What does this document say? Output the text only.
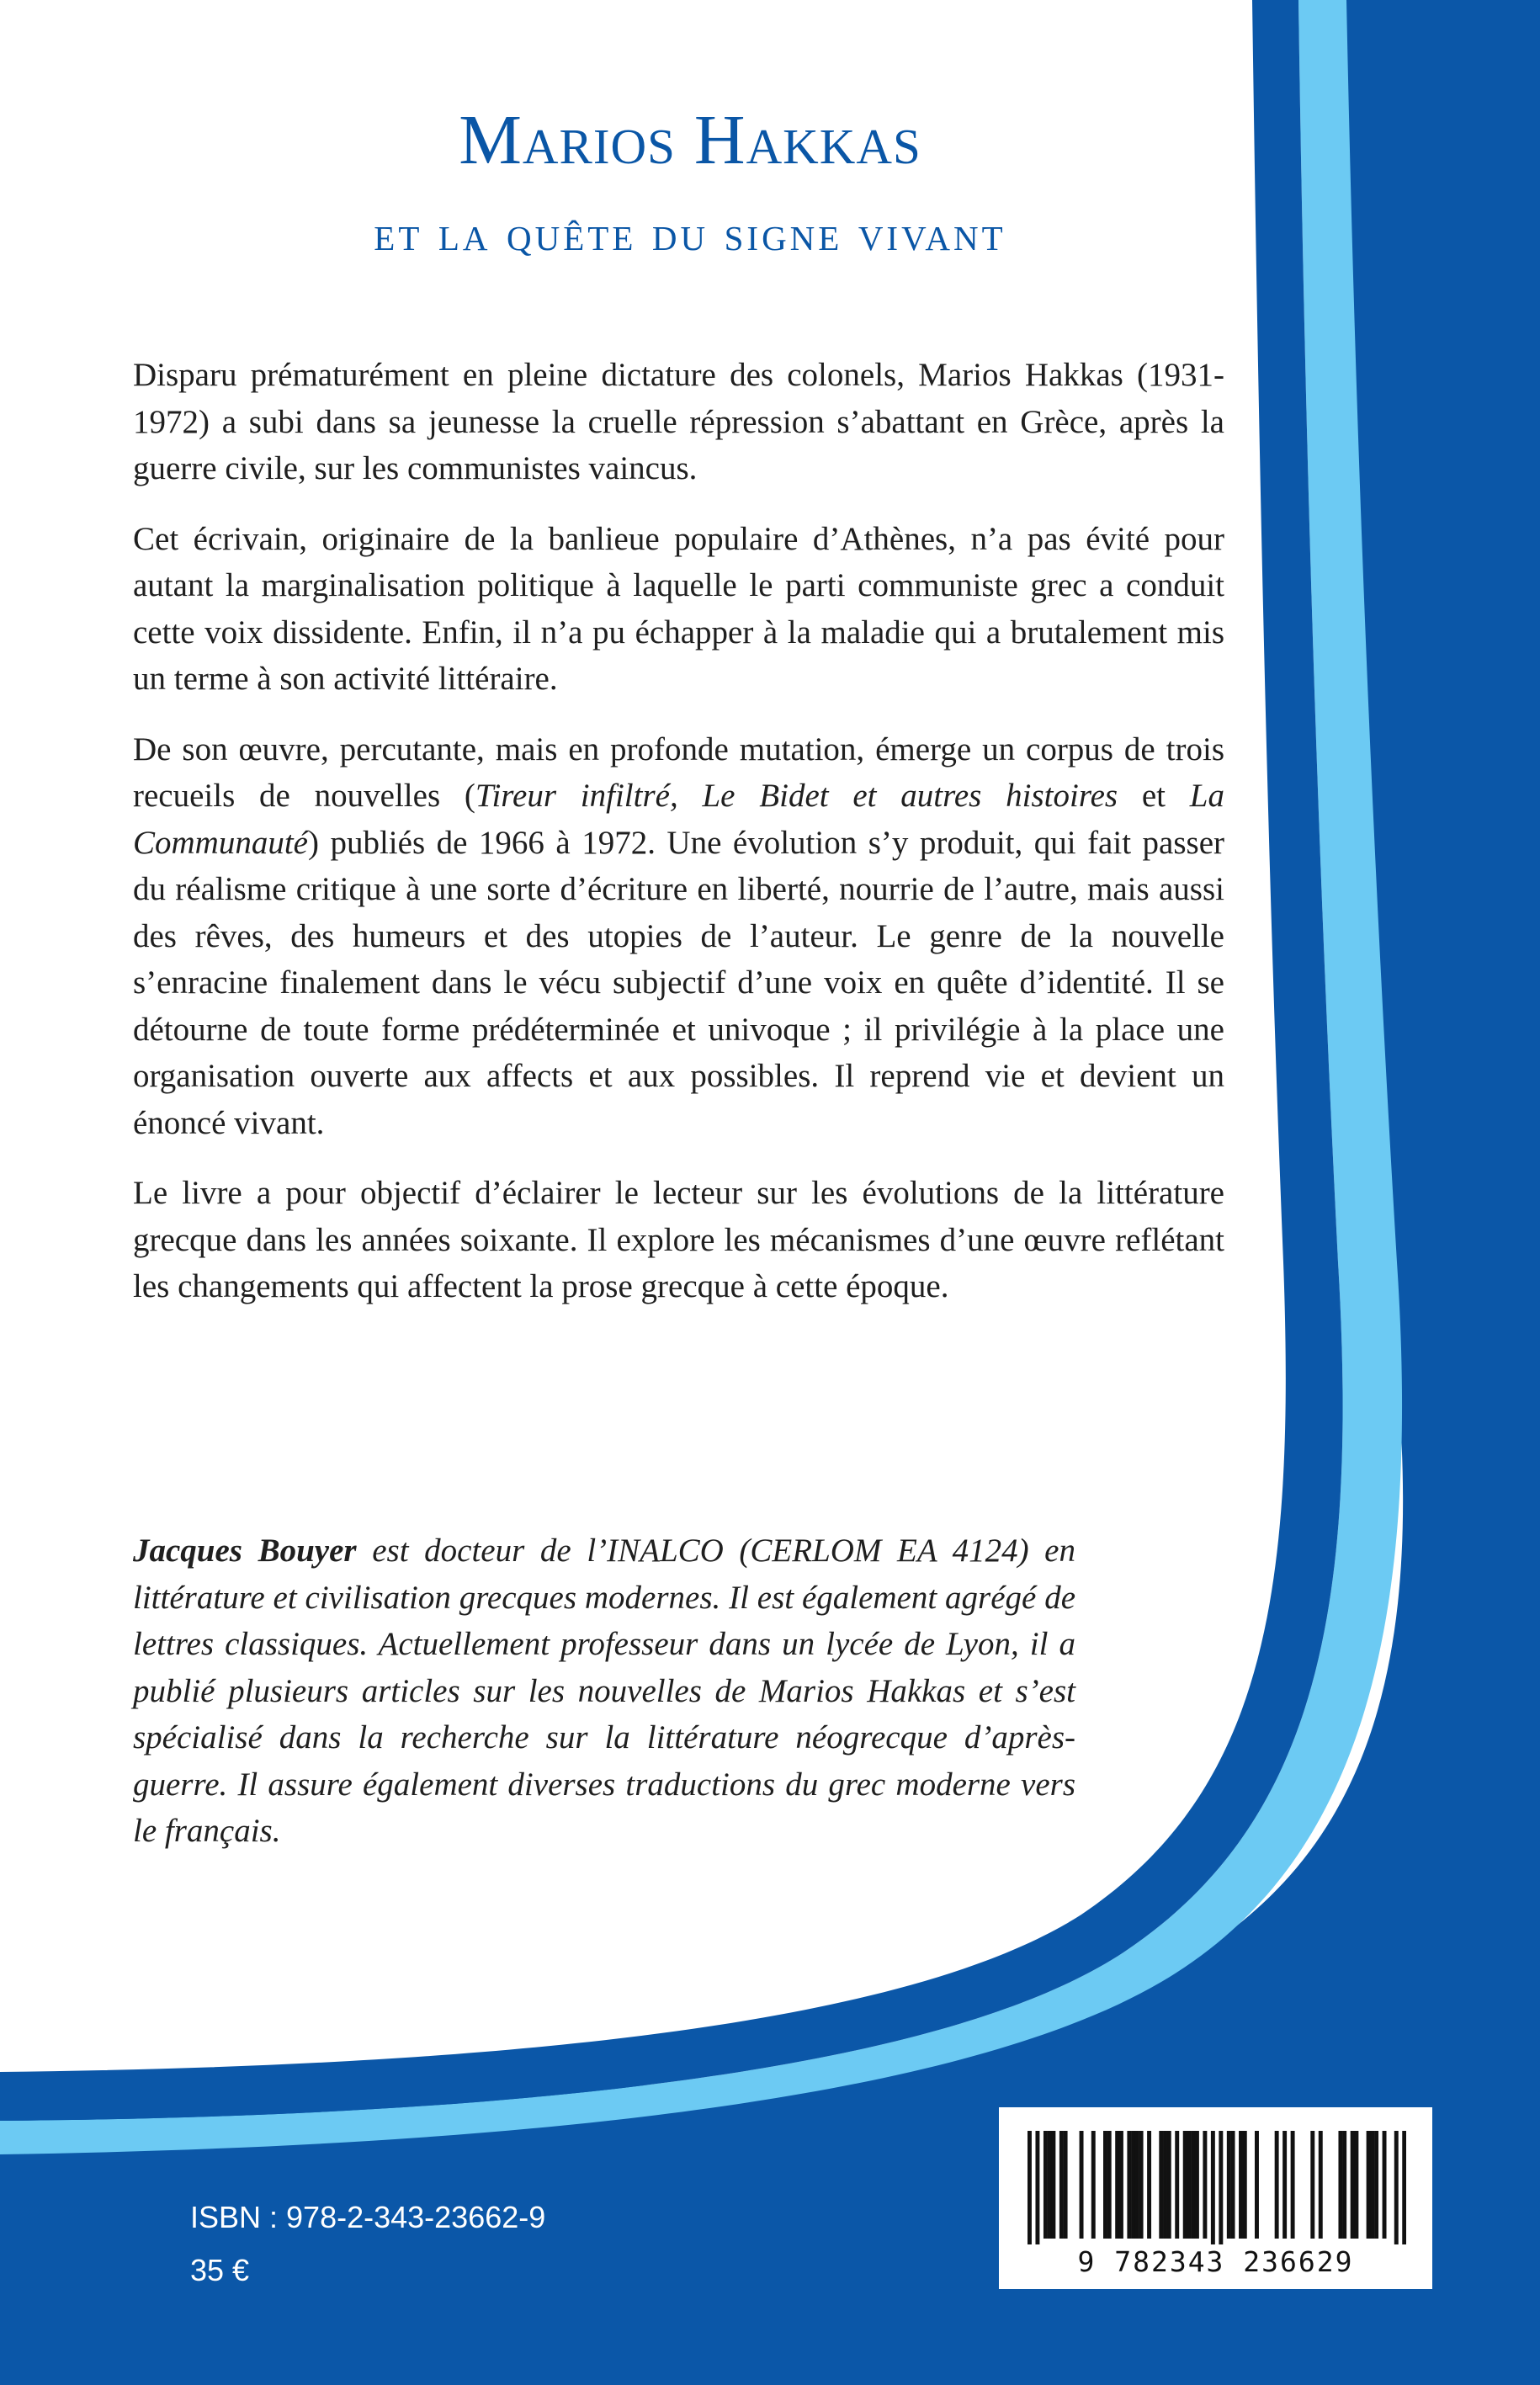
Marios Hakkas
et la quête du signe vivant

Disparu prématurément en pleine dictature des colonels, Marios Hakkas (1931-1972) a subi dans sa jeunesse la cruelle répression s’abattant en Grèce, après la guerre civile, sur les communistes vaincus.

Cet écrivain, originaire de la banlieue populaire d’Athènes, n’a pas évité pour autant la marginalisation politique à laquelle le parti communiste grec a conduit cette voix dissidente. Enfin, il n’a pu échapper à la maladie qui a brutalement mis un terme à son activité littéraire.

De son œuvre, percutante, mais en profonde mutation, émerge un corpus de trois recueils de nouvelles (Tireur infiltré, Le Bidet et autres histoires et La Communauté) publiés de 1966 à 1972. Une évolution s’y produit, qui fait passer du réalisme critique à une sorte d’écriture en liberté, nourrie de l’autre, mais aussi des rêves, des humeurs et des utopies de l’auteur. Le genre de la nouvelle s’enracine finalement dans le vécu subjectif d’une voix en quête d’identité. Il se détourne de toute forme prédéterminée et univoque ; il privilégie à la place une organisation ouverte aux affects et aux possibles. Il reprend vie et devient un énoncé vivant.

Le livre a pour objectif d’éclairer le lecteur sur les évolutions de la littérature grecque dans les années soixante. Il explore les mécanismes d’une œuvre reflétant les changements qui affectent la prose grecque à cette époque.

Jacques Bouyer est docteur de l’INALCO (CERLOM EA 4124) en littérature et civilisation grecques modernes. Il est également agrégé de lettres classiques. Actuellement professeur dans un lycée de Lyon, il a publié plusieurs articles sur les nouvelles de Marios Hakkas et s’est spécialisé dans la recherche sur la littérature néogrecque d’après-guerre. Il assure également diverses traductions du grec moderne vers le français.

ISBN : 978-2-343-23662-9

35 €	9 782343 236629
